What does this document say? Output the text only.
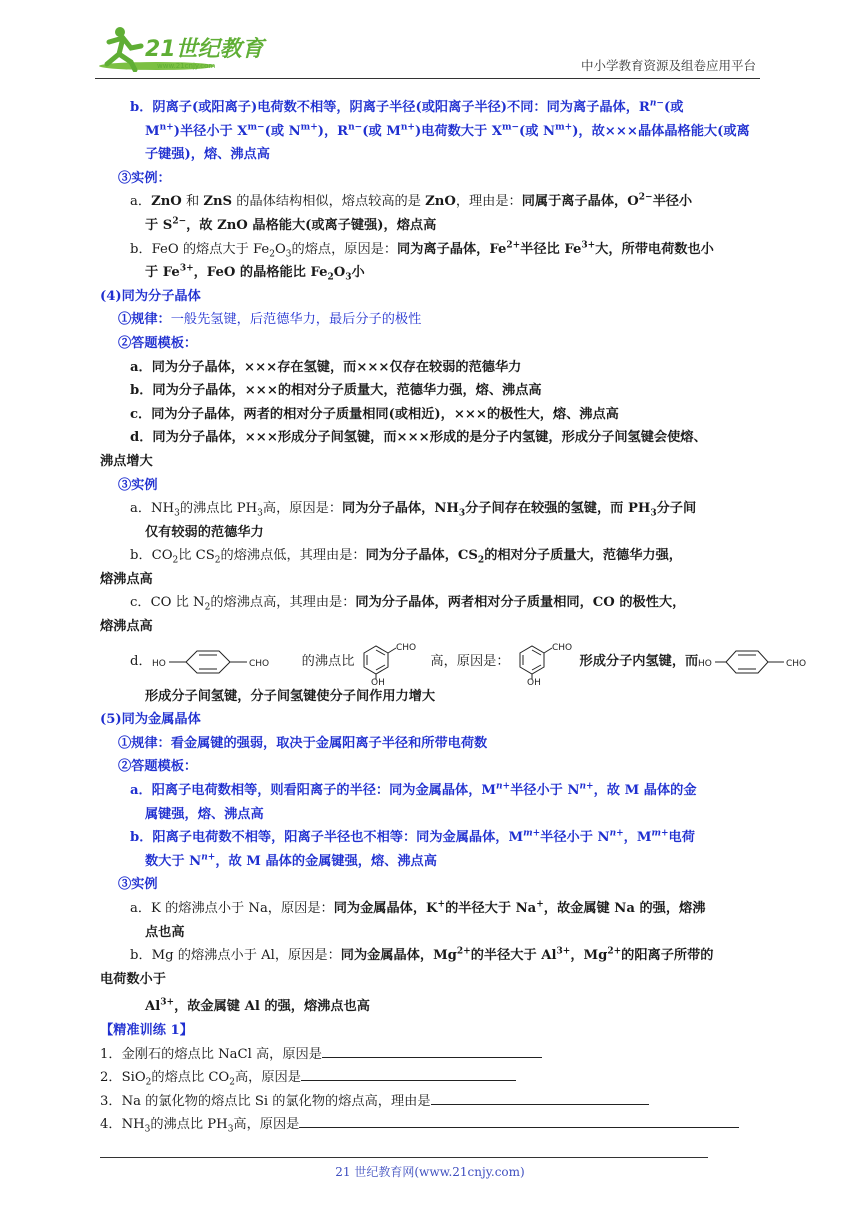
21世纪教育
www.21cnjy.com	中小学教育资源及组卷应用平台
b．阴离子(或阳离子)电荷数不相等，阴离子半径(或阳离子半径)不同：同为离子晶体，$R^{n-}$(或
$M^{n+}$)半径小于 $X^{m-}$(或 $N^{m+}$)，$R^{n-}$(或 $M^{n+}$)电荷数大于 $X^{m-}$(或 $N^{m+}$)，故×××晶体晶格能大(或离
子键强)，熔、沸点高
③实例：
a．ZnO 和 ZnS 的晶体结构相似，熔点较高的是 ZnO，理由是：同属于离子晶体，$O^{2-}$半径小
于 $S^{2-}$，故 ZnO 晶格能大(或离子键强)，熔点高
b．FeO 的熔点大于 $Fe_2O_3$的熔点，原因是：同为离子晶体，$Fe^{2+}$半径比 $Fe^{3+}$大，所带电荷数也小
于 $Fe^{3+}$，FeO 的晶格能比 $Fe_2O_3$小
(4)同为分子晶体
①规律：一般先氢键，后范德华力，最后分子的极性
②答题模板：
a．同为分子晶体，×××存在氢键，而×××仅存在较弱的范德华力
b．同为分子晶体，×××的相对分子质量大，范德华力强，熔、沸点高
c．同为分子晶体，两者的相对分子质量相同(或相近)，×××的极性大，熔、沸点高
d．同为分子晶体，×××形成分子间氢键，而×××形成的是分子内氢键，形成分子间氢键会使熔、
沸点增大
③实例
a．$NH_3$的沸点比 $PH_3$高，原因是：同为分子晶体，$NH_3$分子间存在较强的氢键，而 $PH_3$分子间
仅有较弱的范德华力
b．$CO_2$比 $CS_2$的熔沸点低，其理由是：同为分子晶体，$CS_2$的相对分子质量大，范德华力强，
熔沸点高
c．CO 比 $N_2$的熔沸点高，其理由是：同为分子晶体，两者相对分子质量相同，CO 的极性大，
熔沸点高
d． HO	CHO 的沸点比
CHO
OH
高，原因是：
CHO
OH
形成分子内氢键，而 HO	CHO
形成分子间氢键，分子间氢键使分子间作用力增大
(5)同为金属晶体
①规律：看金属键的强弱，取决于金属阳离子半径和所带电荷数
②答题模板：
a．阳离子电荷数相等，则看阳离子的半径：同为金属晶体，$M^{n+}$半径小于 $N^{n+}$，故 M 晶体的金
属键强，熔、沸点高
b．阳离子电荷数不相等，阳离子半径也不相等：同为金属晶体，$M^{m+}$半径小于 $N^{n+}$，$M^{m+}$电荷
数大于 $N^{n+}$，故 M 晶体的金属键强，熔、沸点高
③实例
a．K 的熔沸点小于 Na，原因是：同为金属晶体，K+的半径大于 Na+，故金属键 Na 的强，熔沸
点也高
b．Mg 的熔沸点小于 Al，原因是：同为金属晶体，$Mg^{2+}$的半径大于 $Al^{3+}$，$Mg^{2+}$的阳离子所带的
电荷数小于
$Al^{3+}$，故金属键 Al 的强，熔沸点也高
【精准训练 1】
1．金刚石的熔点比 NaCl 高，原因是
2．SiO$_2$的熔点比 $CO_2$高，原因是
3．Na 的氯化物的熔点比 Si 的氯化物的熔点高，理由是
4．$NH_3$的沸点比 $PH_3$高，原因是
21 世纪教育网(www.21cnjy.com)
